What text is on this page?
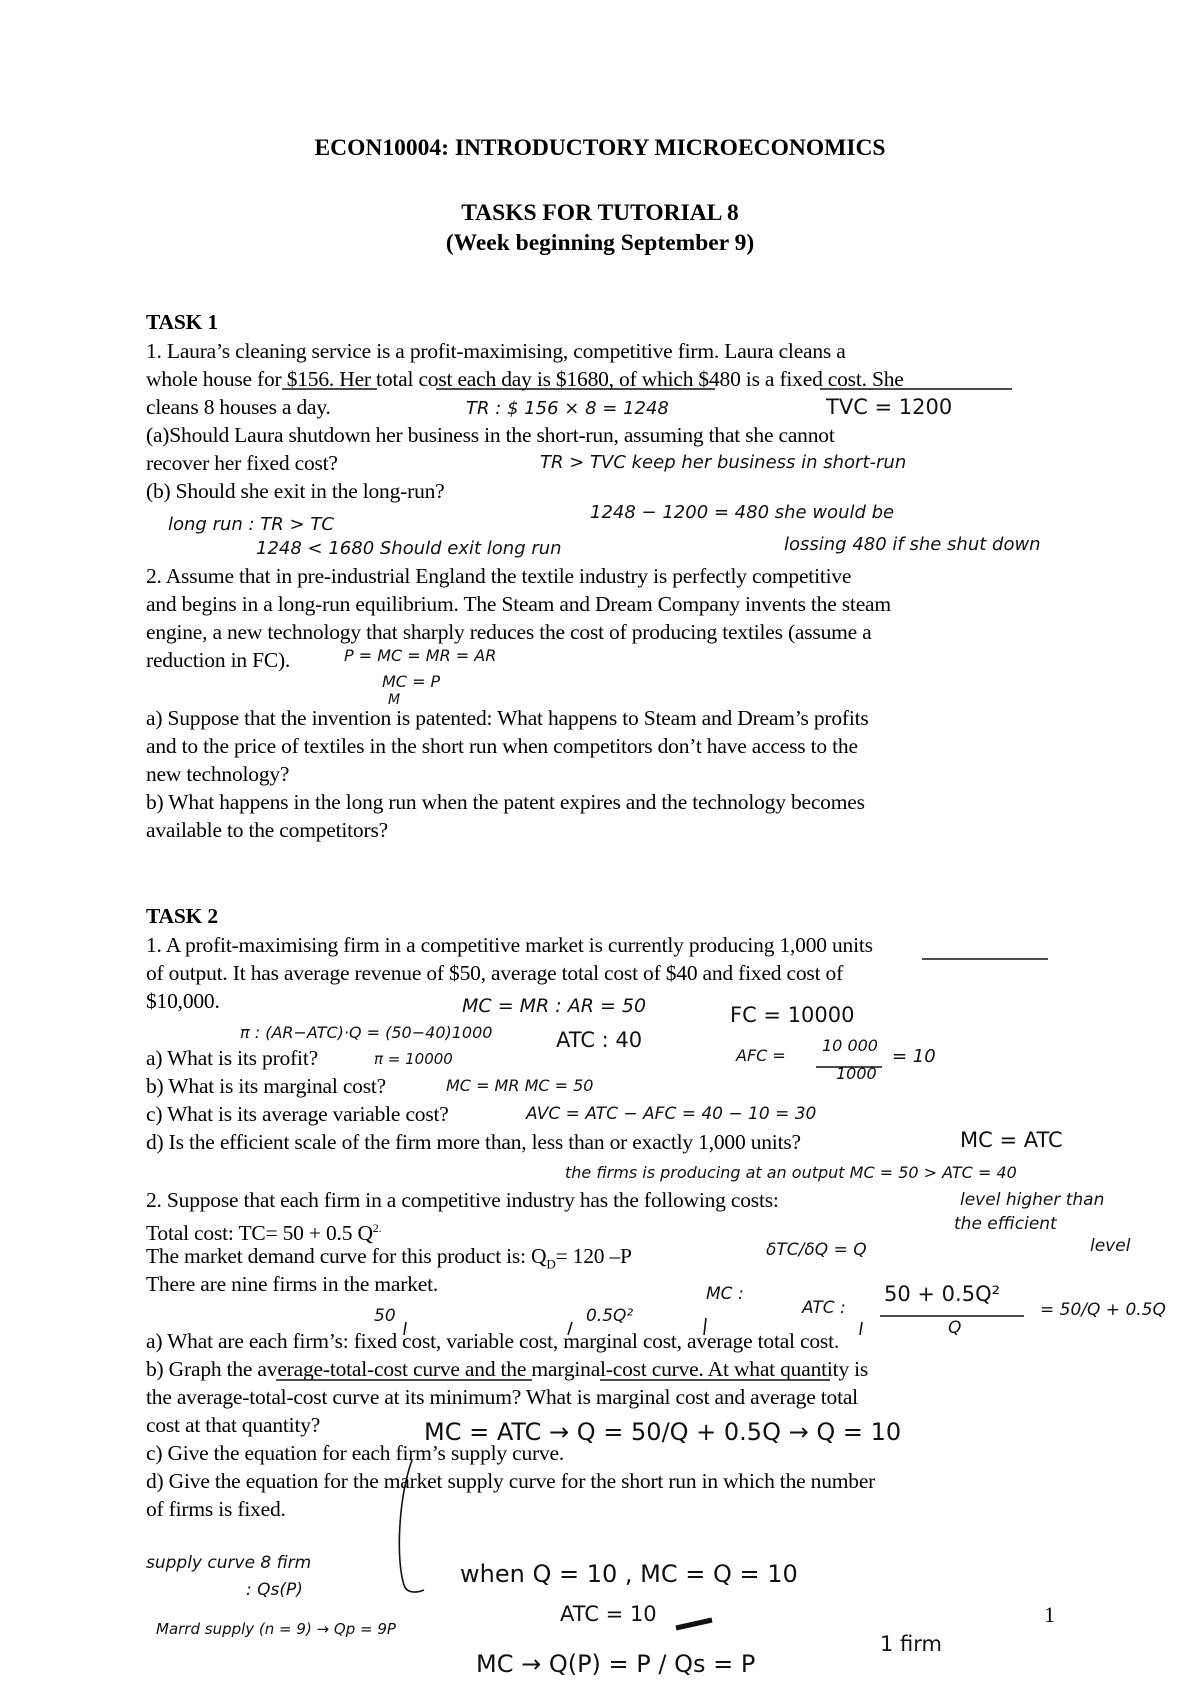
ECON10004: INTRODUCTORY MICROECONOMICS
TASKS FOR TUTORIAL 8
(Week beginning September 9)
TASK 1
1. Laura’s cleaning service is a profit-maximising, competitive firm. Laura cleans a
whole house for $156. Her total cost each day is $1680, of which $480 is a fixed cost. She
cleans 8 houses a day.
(a)Should Laura shutdown her business in the short-run, assuming that she cannot
recover her fixed cost?
(b) Should she exit in the long-run?
2. Assume that in pre-industrial England the textile industry is perfectly competitive
and begins in a long-run equilibrium. The Steam and Dream Company invents the steam
engine, a new technology that sharply reduces the cost of producing textiles (assume a
reduction in FC).
a) Suppose that the invention is patented: What happens to Steam and Dream’s profits
and to the price of textiles in the short run when competitors don’t have access to the
new technology?
b) What happens in the long run when the patent expires and the technology becomes
available to the competitors?
TASK 2
1. A profit-maximising firm in a competitive market is currently producing 1,000 units
of output. It has average revenue of $50, average total cost of $40 and fixed cost of
$10,000.
a) What is its profit?
b) What is its marginal cost?
c) What is its average variable cost?
d) Is the efficient scale of the firm more than, less than or exactly 1,000 units?
2. Suppose that each firm in a competitive industry has the following costs:
Total cost: TC= 50 + 0.5 $Q^{2.}$
The market demand curve for this product is: $Q_D= 120$ –P
There are nine firms in the market.
a) What are each firm’s: fixed cost, variable cost, marginal cost, average total cost.
b) Graph the average-total-cost curve and the marginal-cost curve. At what quantity is
the average-total-cost curve at its minimum? What is marginal cost and average total
cost at that quantity?
c) Give the equation for each firm’s supply curve.
d) Give the equation for the market supply curve for the short run in which the number
of firms is fixed.
TR : $ 156 × 8 = 1248	TVC = 1200
TR > TVC keep her business in short-run
1248 − 1200 = 480 she would be
long run : TR > TC
1248 < 1680 Should exit long run	lossing 480 if she shut down
P = MC = MR = AR
MC = P
M
MC = MR : AR = 50	FC = 10000
π : (AR−ATC)·Q = (50−40)1000	ATC : 40
AFC =
10 000
1000
= 10
π = 10000
MC = MR MC = 50
AVC = ATC − AFC = 40 − 10 = 30
MC = ATC
the firms is producing at an output MC = 50 > ATC = 40
level higher than
the efficient
level
δTC/δQ = Q
50	0.5Q²
MC :
ATC :
50 + 0.5Q²
Q
= 50/Q + 0.5Q
MC = ATC → Q = 50/Q + 0.5Q → Q = 10
when Q = 10 , MC = Q = 10
ATC = 10
supply curve 8 firm
: Qs(P)
Marrd supply (n = 9) → Qp = 9P
MC → Q(P) = P / Qs = P
1 firm
1
